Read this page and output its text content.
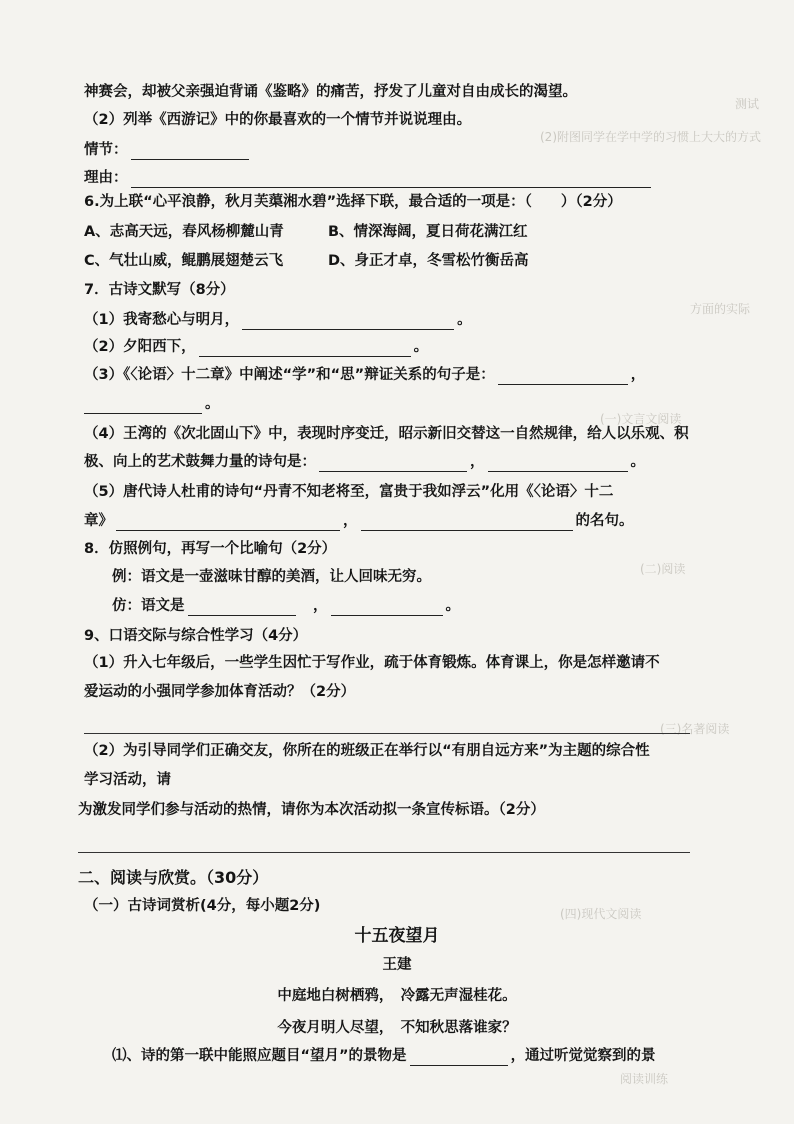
测试
(2)附图同学在学中学的习惯上大大的方式
方面的实际
(一)文言文阅读
(二)阅读
(三)名著阅读
(四)现代文阅读
阅读训练
神赛会，却被父亲强迫背诵《鉴略》的痛苦，抒发了儿童对自由成长的渴望。
（2）列举《西游记》中的你最喜欢的一个情节并说说理由。
情节：
理由：
6.为上联“心平浪静，秋月芙蕖湘水碧”选择下联，最合适的一项是：（　　）（2分）
A、志高天远，春风杨柳麓山青	B、情深海阔，夏日荷花满江红
C、气壮山威，鲲鹏展翅楚云飞	D、身正才卓，冬雪松竹衡岳高
7．古诗文默写（8分）
（1）我寄愁心与明月，	。
（2）夕阳西下，	。
（3）《〈论语〉十二章》中阐述“学”和“思”辩证关系的句子是：	，
。
（4）王湾的《次北固山下》中，表现时序变迁，昭示新旧交替这一自然规律，给人以乐观、积
极、向上的艺术鼓舞力量的诗句是：	，	。
（5）唐代诗人杜甫的诗句“丹青不知老将至，富贵于我如浮云”化用《〈论语〉十二
章》	，	的名句。
8．仿照例句，再写一个比喻句（2分）
例：语文是一壶滋味甘醇的美酒，让人回味无穷。
仿：语文是	　，	。
9、口语交际与综合性学习（4分）
（1）升入七年级后，一些学生因忙于写作业，疏于体育锻炼。体育课上，你是怎样邀请不
爱运动的小强同学参加体育活动？（2分）
（2）为引导同学们正确交友，你所在的班级正在举行以“有朋自远方来”为主题的综合性
学习活动，请
为激发同学们参与活动的热情，请你为本次活动拟一条宣传标语。（2分）
二、阅读与欣赏。（30分）
（一）古诗词赏析(4分，每小题2分)
十五夜望月
王建
中庭地白树栖鸦，　冷露无声湿桂花。
今夜月明人尽望，　不知秋思落谁家？
⑴、诗的第一联中能照应题目“望月”的景物是	，通过听觉觉察到的景
